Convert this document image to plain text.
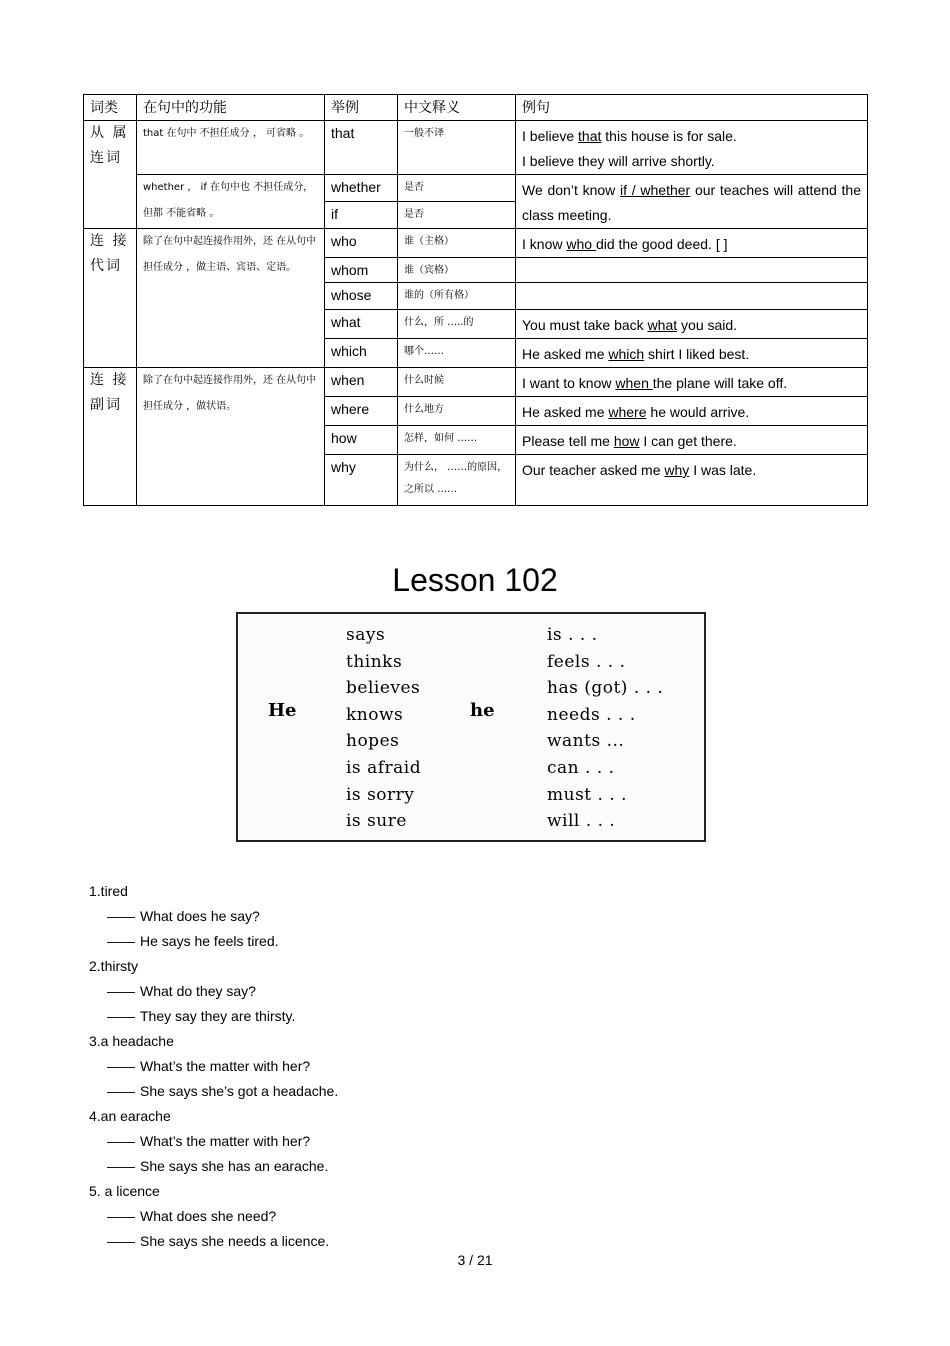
词类	在句中的功能	举例	中文释义	例句
从 属 连词	that 在句中 不担任成分 ， 可省略 。	that	一般不译	I believe that this house is for sale.
I believe they will arrive shortly.

	whether ， if 在句中也 不担任成分，但都 不能省略 。	whether	是否	We don’t know if / whether our teaches will attend the class meeting.
		if	是否	
连 接 代词	除了在句中起连接作用外，还 在从句中担任成分 ，做主语、宾语、定语。	who	谁（主格）	I know who did the good deed. [ ]
		whom	谁（宾格）	
		whose	谁的（所有格）	
		what	什么，所 …..的	You must take back what you said.
		which	哪个……	He asked me which shirt I liked best.
连 接 副词	除了在句中起连接作用外，还 在从句中担任成分 ，做状语。	when	什么时候	I want to know when the plane will take off.
		where	什么地方	He asked me where he would arrive.
		how	怎样，如何 ……	Please tell me how I can get there.
		why	为什么， ……的原因，之所以 ……	Our teacher asked me why I was late.
Lesson 102
He
says
thinks
believes
knows
hopes
is afraid
is sorry
is sure
he
is . . .
feels . . .
has (got) . . .
needs . . .
wants ...
can . . .
must . . .
will . . .
1.tired
—— What does he say?
—— He says he feels tired.
2.thirsty
—— What do they say?
—— They say they are thirsty.
3.a headache
—— What’s the matter with her?
—— She says she’s got a headache.
4.an earache
—— What’s the matter with her?
—— She says she has an earache.
5. a licence
—— What does she need?
—— She says she needs a licence.
3 / 21
